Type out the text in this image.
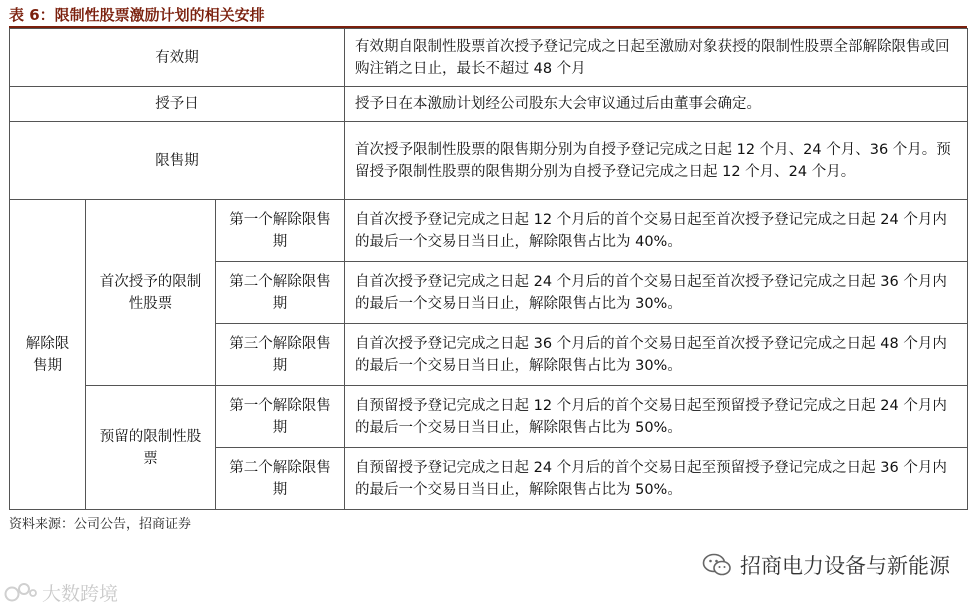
表 6：限制性股票激励计划的相关安排
有效期			有效期自限制性股票首次授予登记完成之日起至激励对象获授的限制性股票全部解除限售或回购注销之日止，最长不超过 48 个月
授予日			授予日在本激励计划经公司股东大会审议通过后由董事会确定。
限售期			首次授予限制性股票的限售期分别为自授予登记完成之日起 12 个月、24 个月、36 个月。预留授予限制性股票的限售期分别为自授予登记完成之日起 12 个月、24 个月。
解除限售期	首次授予的限制性股票	第一个解除限售期	自首次授予登记完成之日起 12 个月后的首个交易日起至首次授予登记完成之日起 24 个月内的最后一个交易日当日止，解除限售占比为 40%。
		第二个解除限售期	自首次授予登记完成之日起 24 个月后的首个交易日起至首次授予登记完成之日起 36 个月内的最后一个交易日当日止，解除限售占比为 30%。
		第三个解除限售期	自首次授予登记完成之日起 36 个月后的首个交易日起至首次授予登记完成之日起 48 个月内的最后一个交易日当日止，解除限售占比为 30%。
	预留的限制性股票	第一个解除限售期	自预留授予登记完成之日起 12 个月后的首个交易日起至预留授予登记完成之日起 24 个月内的最后一个交易日当日止，解除限售占比为 50%。
		第二个解除限售期	自预留授予登记完成之日起 24 个月后的首个交易日起至预留授予登记完成之日起 36 个月内的最后一个交易日当日止，解除限售占比为 50%。
资料来源：公司公告，招商证券
招商电力设备与新能源
大数跨境
